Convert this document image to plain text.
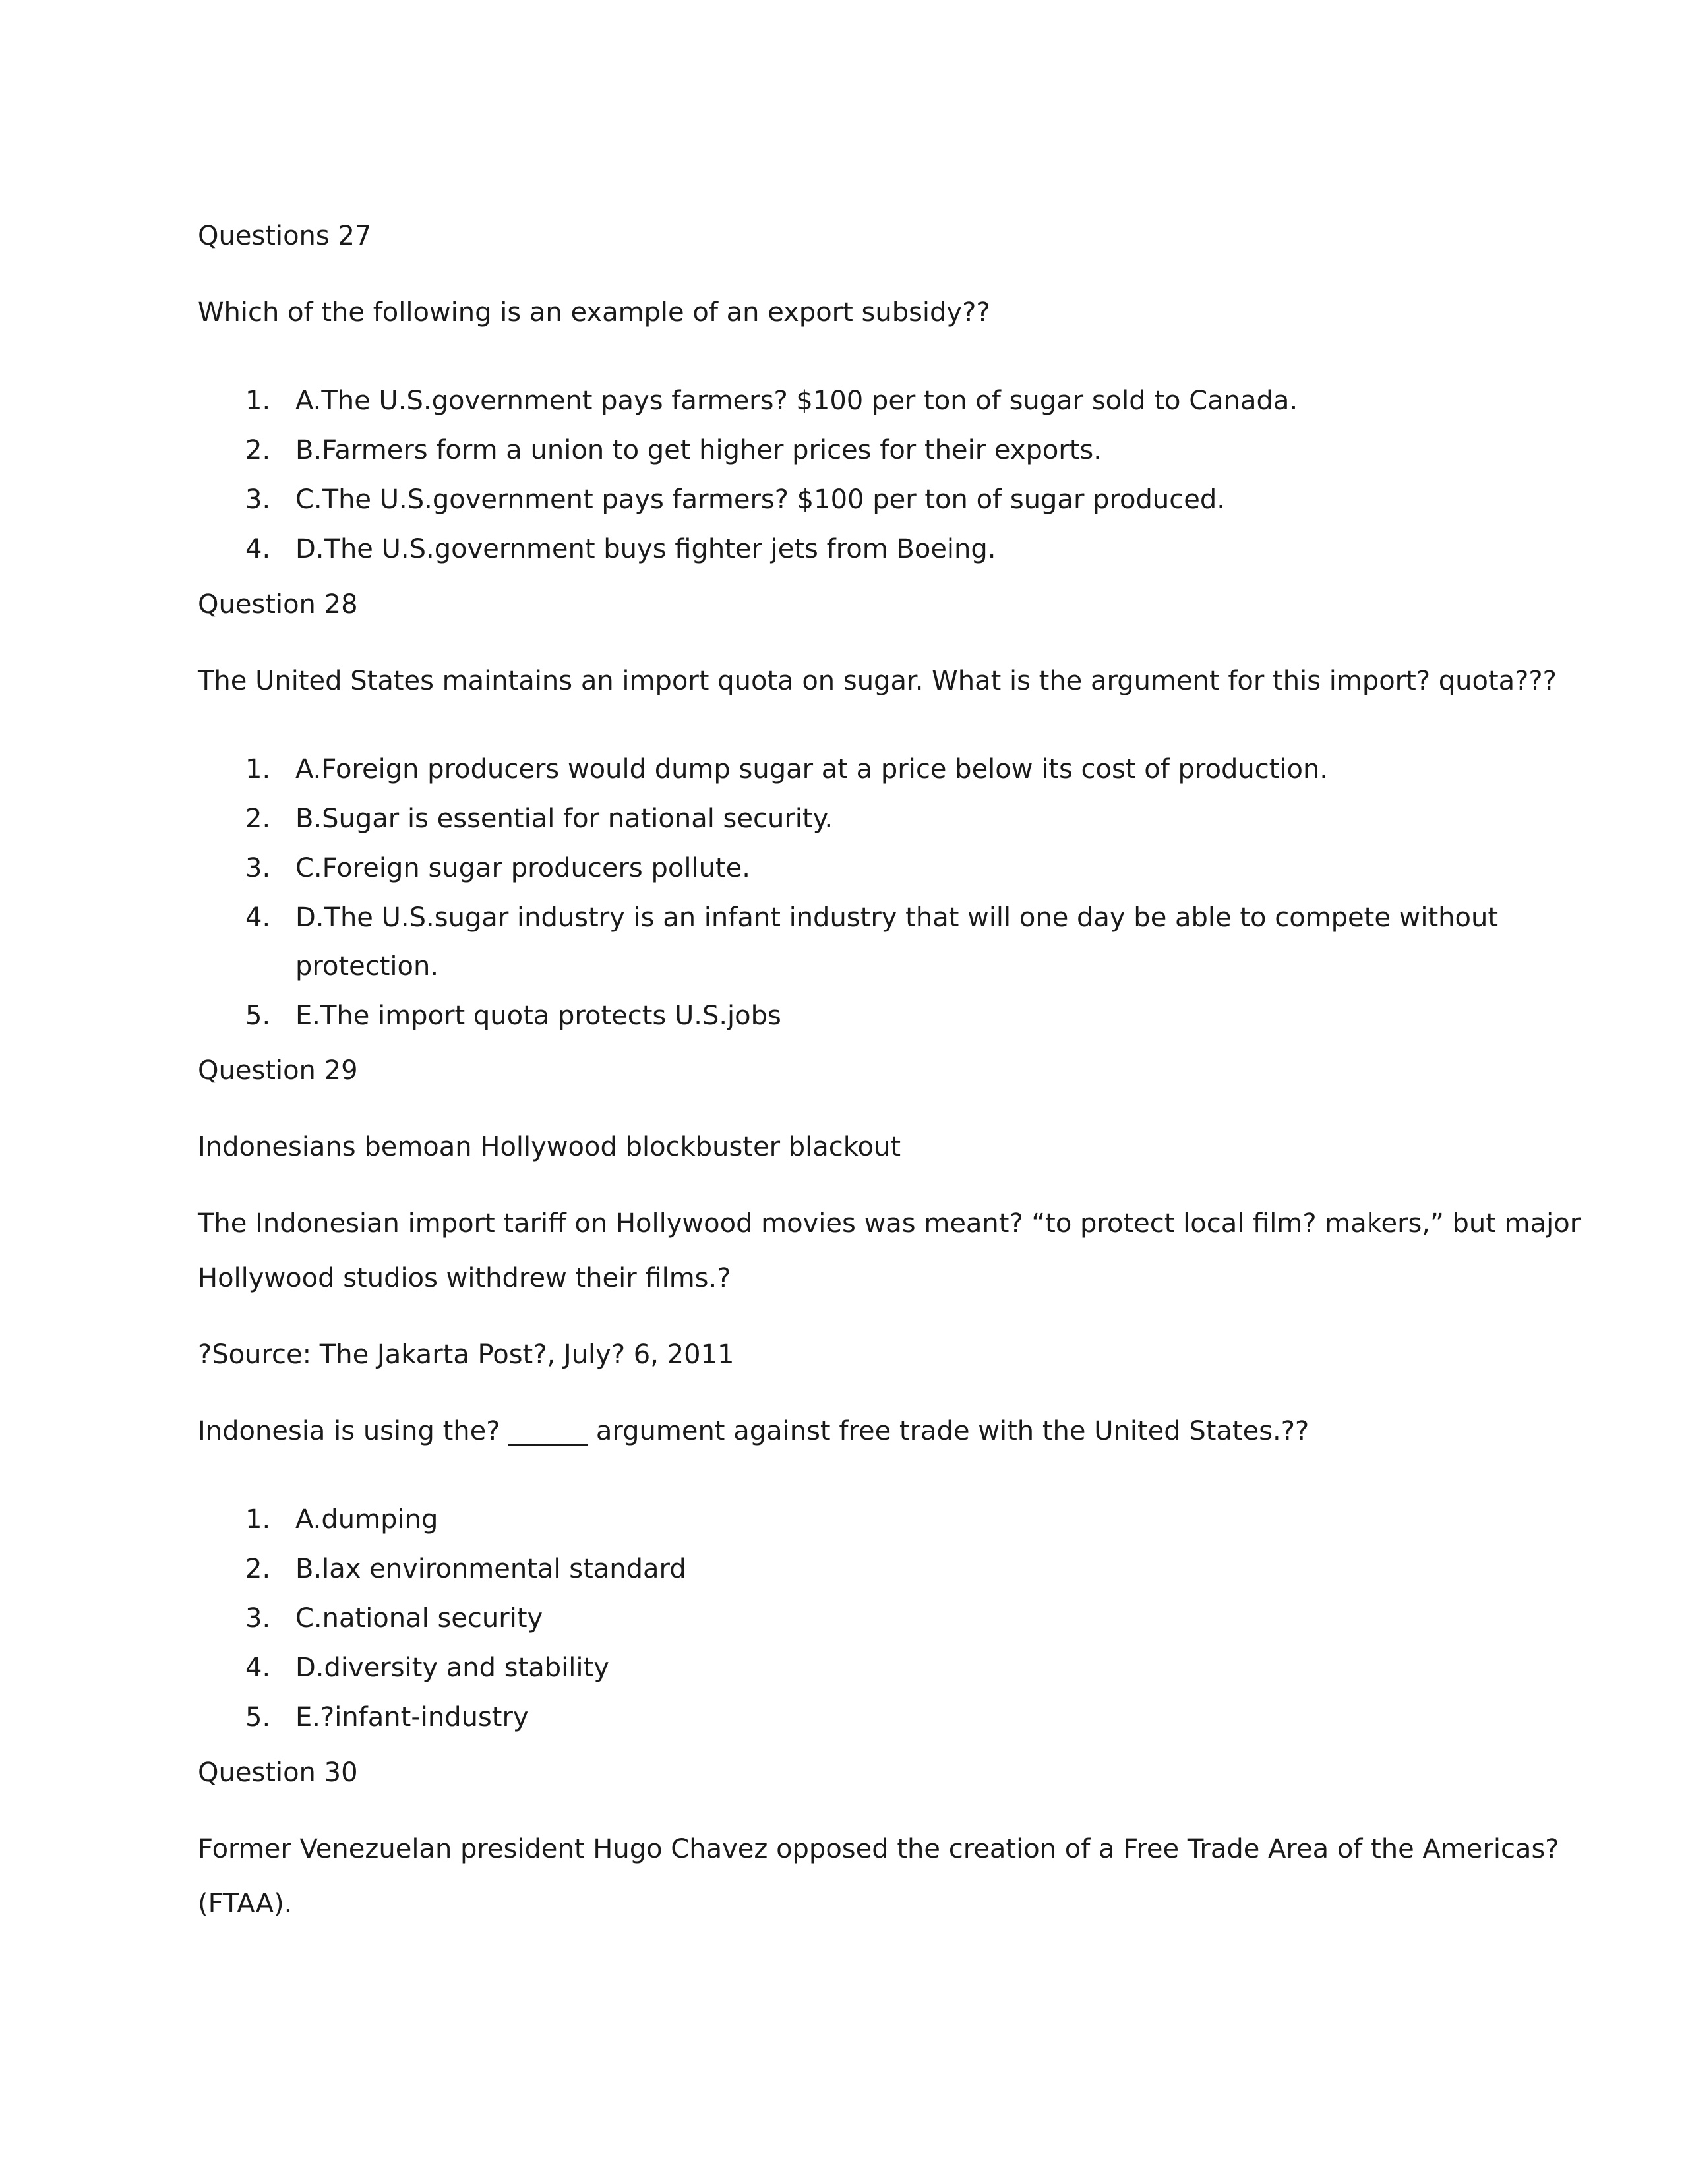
Questions 27

Which of the following is an example of an export subsidy??

1. A.The U.S.government pays farmers? $100 per ton of sugar sold to Canada.

2. B.Farmers form a union to get higher prices for their exports.

3. C.The U.S.government pays farmers? $100 per ton of sugar produced.

4. D.The U.S.government buys fighter jets from Boeing.

Question 28

The United States maintains an import quota on sugar. What is the argument for this import? quota???

1. A.Foreign producers would dump sugar at a price below its cost of production.

2. B.Sugar is essential for national security.

3. C.Foreign sugar producers pollute.

4. D.The U.S.sugar industry is an infant industry that will one day be able to compete without

protection.

5. E.The import quota protects U.S.jobs

Question 29

Indonesians bemoan Hollywood blockbuster blackout

The Indonesian import tariff on Hollywood movies was meant? “to protect local film? makers,” but major

Hollywood studios withdrew their films.?

?Source: The Jakarta Post?, July? 6, 2011

Indonesia is using the? ______ argument against free trade with the United States.??

1. A.dumping

2. B.lax environmental standard

3. C.national security

4. D.diversity and stability

5. E.?infant-industry

Question 30

Former Venezuelan president Hugo Chavez opposed the creation of a Free Trade Area of the Americas?

(FTAA).
